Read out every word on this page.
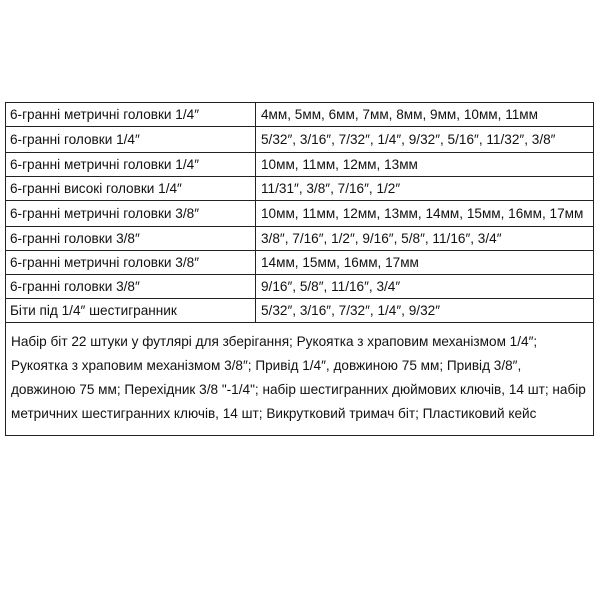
6-гранні метричні головки 1/4″	4мм, 5мм, 6мм, 7мм, 8мм, 9мм, 10мм, 11мм
6-гранні головки 1/4″	5/32″, 3/16″, 7/32″, 1/4″, 9/32″, 5/16″, 11/32″, 3/8″
6-гранні метричні головки 1/4″	10мм, 11мм, 12мм, 13мм
6-гранні високі головки 1/4″	11/31″, 3/8″, 7/16″, 1/2″
6-гранні метричні головки 3/8″	10мм, 11мм, 12мм, 13мм, 14мм, 15мм, 16мм, 17мм
6-гранні головки 3/8″	3/8″, 7/16″, 1/2″, 9/16″, 5/8″, 11/16″, 3/4″
6-гранні метричні головки 3/8″	14мм, 15мм, 16мм, 17мм
6-гранні головки 3/8″	9/16″, 5/8″, 11/16″, 3/4″
Біти під 1/4″ шестигранник	5/32″, 3/16″, 7/32″, 1/4″, 9/32″
Набір біт 22 штуки у футлярі для зберігання; Рукоятка з храповим механізмом 1/4″; Рукоятка з храповим механізмом 3/8″; Привід 1/4″, довжиною 75 мм; Привід 3/8″, довжиною 75 мм; Перехідник 3/8 "-1/4"; набір шестигранних дюймових ключів, 14 шт; набір метричних шестигранних ключів, 14 шт; Викрутковий тримач біт; Пластиковий кейс	
